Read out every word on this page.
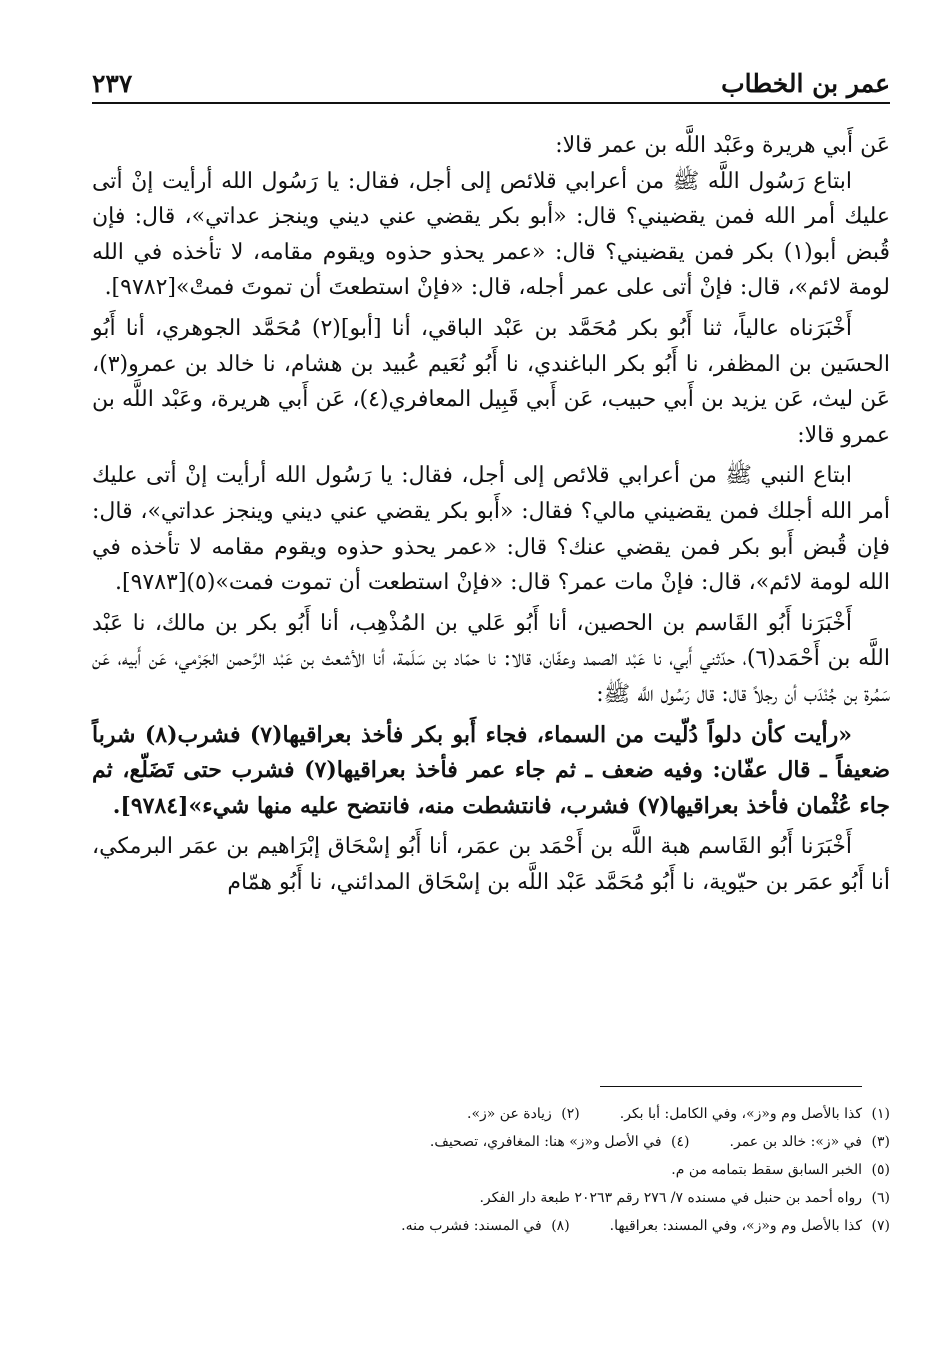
عمر بن الخطاب
٢٣٧

عَن أَبي هريرة وعَبْد اللَّه بن عمر قالا:

ابتاع رَسُول اللَّه ﷺ من أعرابي قلائص إلى أجل، فقال: يا رَسُول الله أرأيت إنْ أتى عليك أمر الله فمن يقضيني؟ قال: «أبو بكر يقضي عني ديني وينجز عداتي»، قال: فإن قُبض أبو(١) بكر فمن يقضيني؟ قال: «عمر يحذو حذوه ويقوم مقامه، لا تأخذه في الله لومة لائم»، قال: فإنْ أتى على عمر أجله، قال: «فإنْ استطعتَ أن تموتَ فمتْ»[٩٧٨٢].

أَخْبَرَناه عالياً، ثنا أَبُو بكر مُحَمَّد بن عَبْد الباقي، أنا [أبو](٢) مُحَمَّد الجوهري، أنا أَبُو الحسَين بن المظفر، نا أَبُو بكر الباغندي، نا أَبُو نُعَيم عُبيد بن هشام، نا خالد بن عمرو(٣)، عَن ليث، عَن يزيد بن أَبي حبيب، عَن أَبي قَبِيل المعافري(٤)، عَن أَبي هريرة، وعَبْد اللَّه بن عمرو قالا:

ابتاع النبي ﷺ من أعرابي قلائص إلى أجل، فقال: يا رَسُول الله أرأيت إنْ أتى عليك أمر الله أجلك فمن يقضيني مالي؟ فقال: «أَبو بكر يقضي عني ديني وينجز عداتي»، قال: فإن قُبض أَبو بكر فمن يقضي عنك؟ قال: «عمر يحذو حذوه ويقوم مقامه لا تأخذه في الله لومة لائم»، قال: فإنْ مات عمر؟ قال: «فإنْ استطعت أن تموت فمت»(٥)[٩٧٨٣].

أَخْبَرَنا أَبُو القَاسم بن الحصين، أنا أَبُو عَلي بن المُذْهِب، أنا أَبُو بكر بن مالك، نا عَبْد اللَّه بن أَحْمَد(٦)، حدّثني أَبي، نا عَبْد الصمد وعفّان، قالا: نا حمّاد بن سَلَمة، أنا الأشعث بن عَبْد الرَّحمن الجَرْمي، عَن أَبيه، عَن سَمُرة بن جُنْدَب أن رجلاً قال: قال رَسُول اللَّه ﷺ:

«رأيت كأن دلواً دُلّيت من السماء، فجاء أَبو بكر فأخذ بعراقيها(٧) فشرب(٨) شرباً ضعيفاً ـ قال عفّان: وفيه ضعف ـ ثم جاء عمر فأخذ بعراقيها(٧) فشرب حتى تَضَلّع، ثم جاء عُثْمان فأخذ بعراقيها(٧) فشرب، فانتشطت منه، فانتضح عليه منها شيء»[٩٧٨٤].

أَخْبَرَنا أَبُو القَاسم هبة اللَّه بن أَحْمَد بن عمَر، أنا أَبُو إسْحَاق إبْرَاهيم بن عمَر البرمكي، أنا أَبُو عمَر بن حيّوية، نا أَبُو مُحَمَّد عَبْد اللَّه بن إسْحَاق المدائني، نا أَبُو همّام

(١)كذا بالأصل وم و«ز»، وفي الكامل: أبا بكر.
(٢)زيادة عن «ز».
(٣)في «ز»: خالد بن عمر.
(٤)في الأصل و«ز» هنا: المغافري، تصحيف.
(٥)الخبر السابق سقط بتمامه من م.
(٦)رواه أحمد بن حنبل في مسنده ٧/ ٢٧٦ رقم ٢٠٢٦٣ طبعة دار الفكر.
(٧)كذا بالأصل وم و«ز»، وفي المسند: بعراقيها.
(٨)في المسند: فشرب منه.
